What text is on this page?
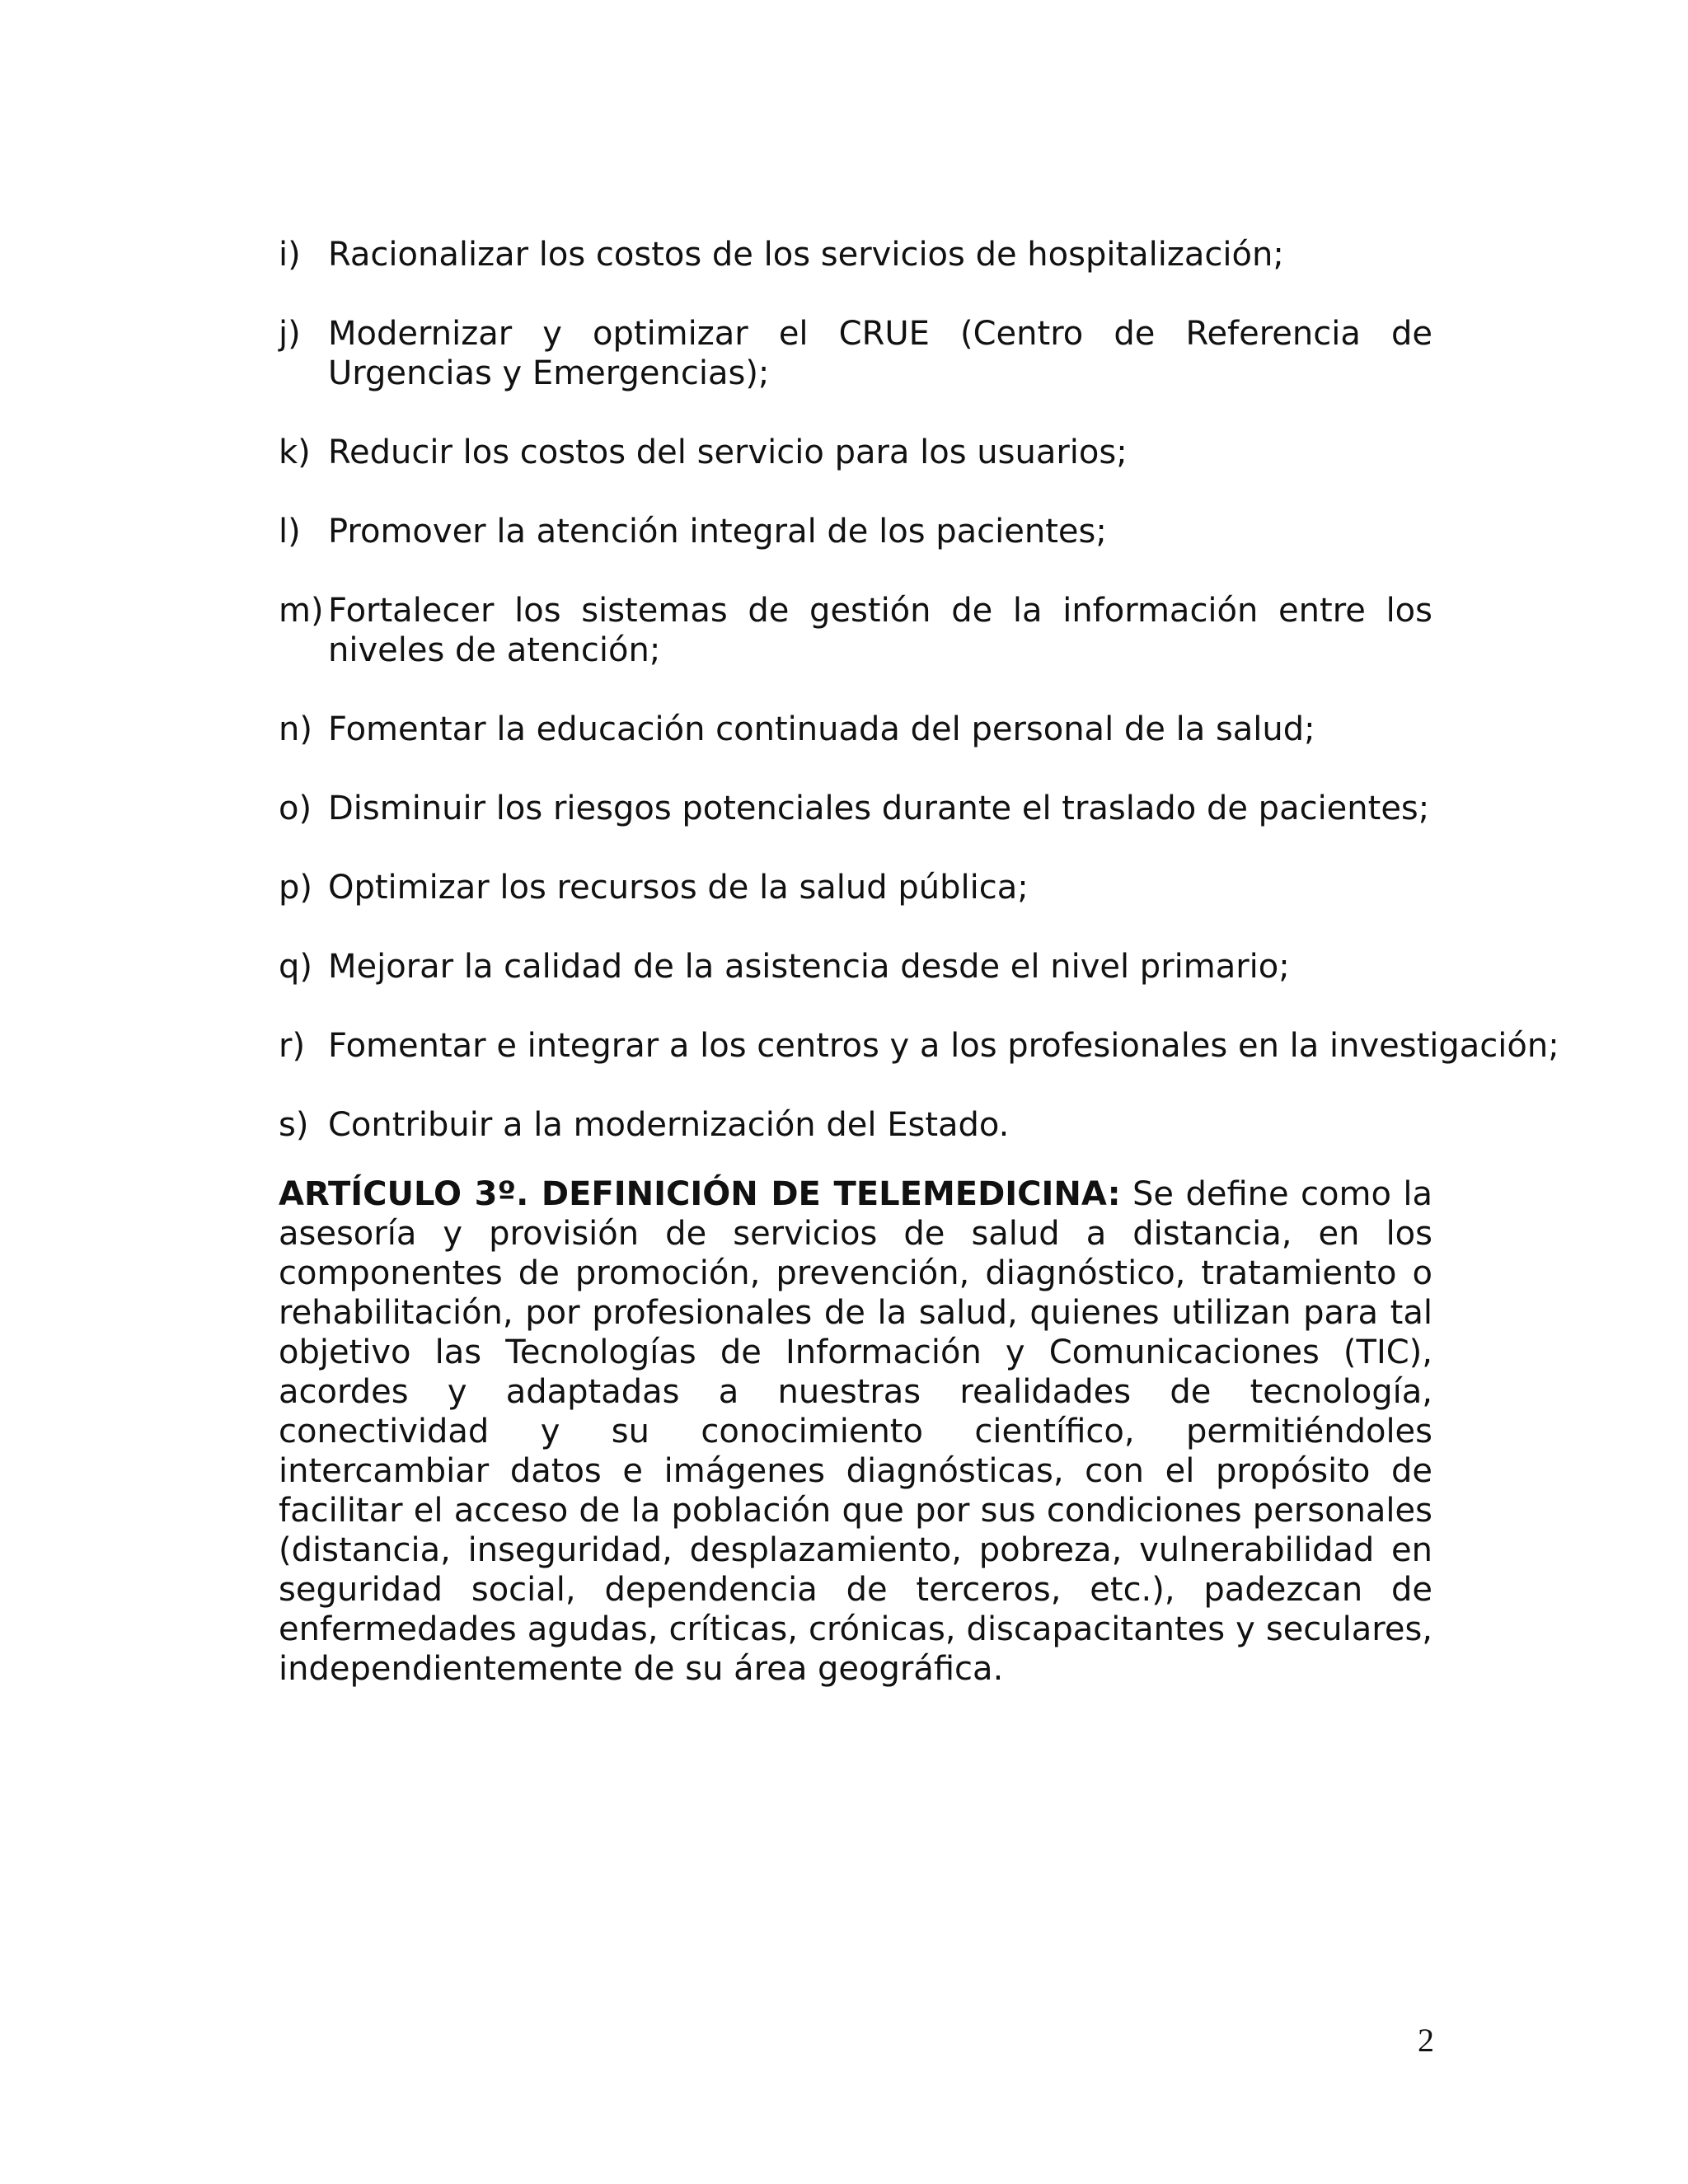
i) Racionalizar los costos de los servicios de hospitalización;
j) Modernizar y optimizar el CRUE (Centro de Referencia de Urgencias y Emergencias);
k) Reducir los costos del servicio para los usuarios;
l) Promover la atención integral de los pacientes;
m) Fortalecer los sistemas de gestión de la información entre los niveles de atención;
n) Fomentar la educación continuada del personal de la salud;
o) Disminuir los riesgos potenciales durante el traslado de pacientes;
p) Optimizar los recursos de la salud pública;
q) Mejorar la calidad de la asistencia desde el nivel primario;
r) Fomentar e integrar a los centros y a los profesionales en la investigación;
s) Contribuir a la modernización del Estado.
ARTÍCULO 3º. DEFINICIÓN DE TELEMEDICINA: Se define como la asesoría y provisión de servicios de salud a distancia, en los componentes de promoción, prevención, diagnóstico, tratamiento o rehabilitación, por profesionales de la salud, quienes utilizan para tal objetivo las Tecnologías de Información y Comunicaciones (TIC), acordes y adaptadas a nuestras realidades de tecnología, conectividad y su conocimiento científico, permitiéndoles intercambiar datos e imágenes diagnósticas, con el propósito de facilitar el acceso de la población que por sus condiciones personales (distancia, inseguridad, desplazamiento, pobreza, vulnerabilidad en seguridad social, dependencia de terceros, etc.), padezcan de enfermedades agudas, críticas, crónicas, discapacitantes y seculares, independientemente de su área geográfica.
2
